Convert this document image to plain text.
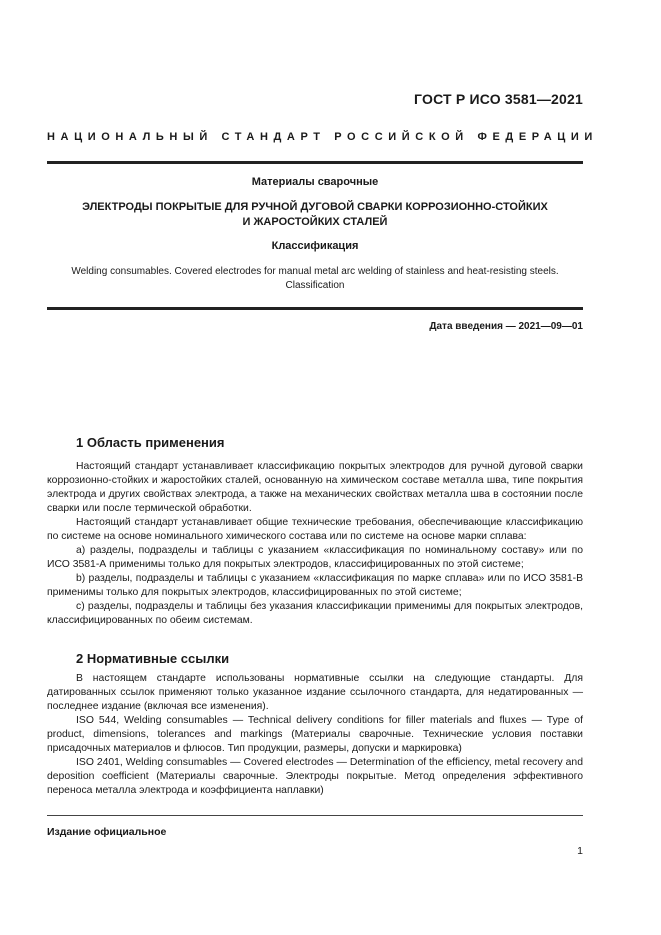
ГОСТ Р ИСО 3581—2021
НАЦИОНАЛЬНЫЙ СТАНДАРТ РОССИЙСКОЙ ФЕДЕРАЦИИ
Материалы сварочные
ЭЛЕКТРОДЫ ПОКРЫТЫЕ ДЛЯ РУЧНОЙ ДУГОВОЙ СВАРКИ КОРРОЗИОННО-СТОЙКИХ
И ЖАРОСТОЙКИХ СТАЛЕЙ
Классификация
Welding consumables. Covered electrodes for manual metal arc welding of stainless and heat-resisting steels.
Classification
Дата введения — 2021—09—01
1 Область применения

Настоящий стандарт устанавливает классификацию покрытых электродов для ручной дуговой сварки коррозионно-стойких и жаростойких сталей, основанную на химическом составе металла шва, типе покрытия электрода и других свойствах электрода, а также на механических свойствах металла шва в состоянии после сварки или после термической обработки.

Настоящий стандарт устанавливает общие технические требования, обеспечивающие классификацию по системе на основе номинального химического состава или по системе на основе марки сплава:

а) разделы, подразделы и таблицы с указанием «классификация по номинальному составу» или по ИСО 3581-А применимы только для покрытых электродов, классифицированных по этой системе;

b) разделы, подразделы и таблицы с указанием «классификация по марке сплава» или по ИСО 3581-В применимы только для покрытых электродов, классифицированных по этой системе;

с) разделы, подразделы и таблицы без указания классификации применимы для покрытых электродов, классифицированных по обеим системам.

2 Нормативные ссылки

В настоящем стандарте использованы нормативные ссылки на следующие стандарты. Для датированных ссылок применяют только указанное издание ссылочного стандарта, для недатированных — последнее издание (включая все изменения).

ISO 544, Welding consumables — Technical delivery conditions for filler materials and fluxes — Type of product, dimensions, tolerances and markings (Материалы сварочные. Технические условия поставки присадочных материалов и флюсов. Тип продукции, размеры, допуски и маркировка)

ISO 2401, Welding consumables — Covered electrodes — Determination of the efficiency, metal recovery and deposition coefficient (Материалы сварочные. Электроды покрытые. Метод определения эффективного переноса металла электрода и коэффициента наплавки)

Издание официальное
1
